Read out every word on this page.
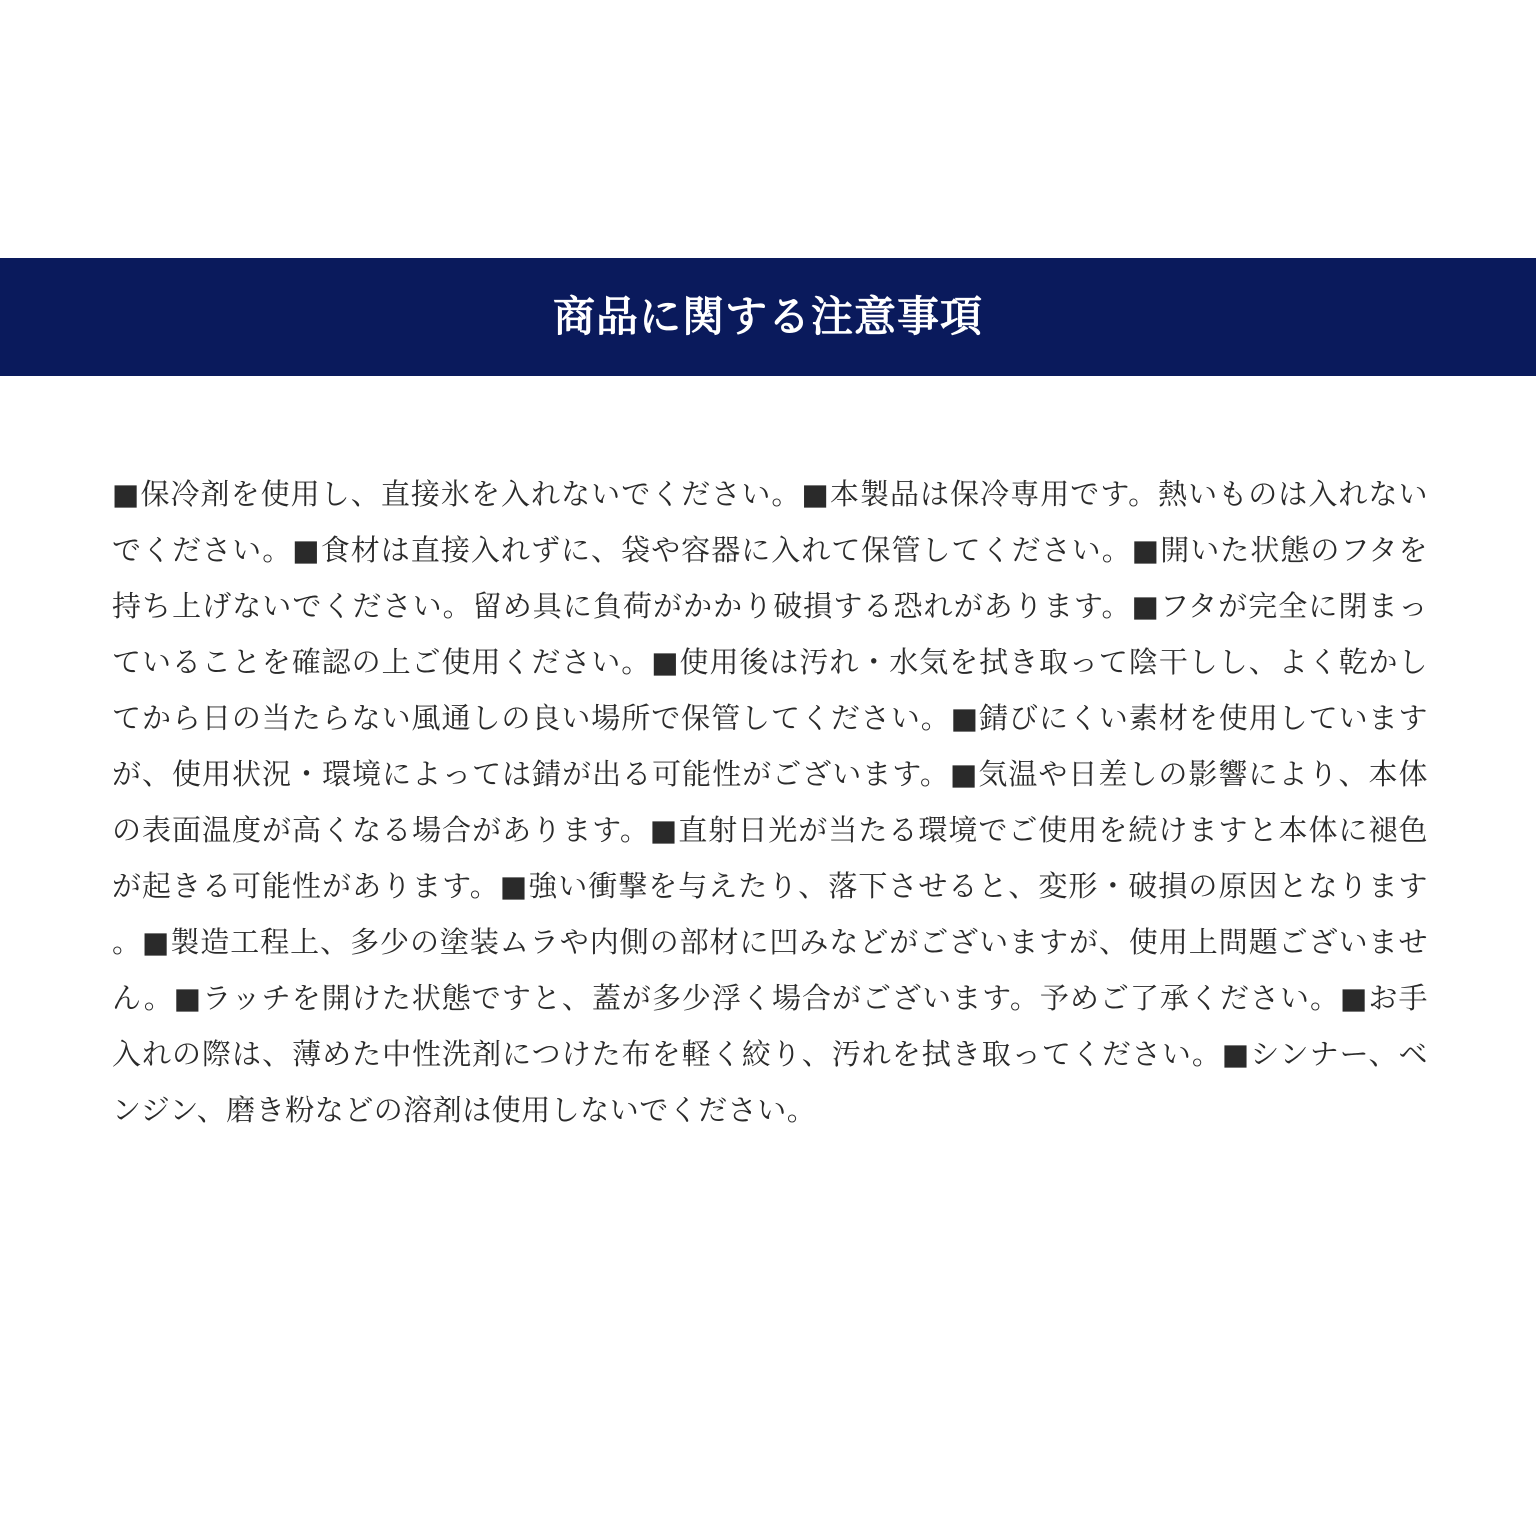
商品に関する注意事項
■保冷剤を使用し、直接氷を入れないでください。■本製品は保冷専用です。熱いものは入れないでください。■食材は直接入れずに、袋や容器に入れて保管してください。■開いた状態のフタを持ち上げないでください。留め具に負荷がかかり破損する恐れがあります。■フタが完全に閉まっていることを確認の上ご使用ください。■使用後は汚れ・水気を拭き取って陰干しし、よく乾かしてから日の当たらない風通しの良い場所で保管してください。■錆びにくい素材を使用していますが、使用状況・環境によっては錆が出る可能性がございます。■気温や日差しの影響により、本体の表面温度が高くなる場合があります。■直射日光が当たる環境でご使用を続けますと本体に褪色が起きる可能性があります。■強い衝撃を与えたり、落下させると、変形・破損の原因となります。■製造工程上、多少の塗装ムラや内側の部材に凹みなどがございますが、使用上問題ございません。■ラッチを開けた状態ですと、蓋が多少浮く場合がございます。予めご了承ください。■お手入れの際は、薄めた中性洗剤につけた布を軽く絞り、汚れを拭き取ってください。■シンナー、ベンジン、磨き粉などの溶剤は使用しないでください。
